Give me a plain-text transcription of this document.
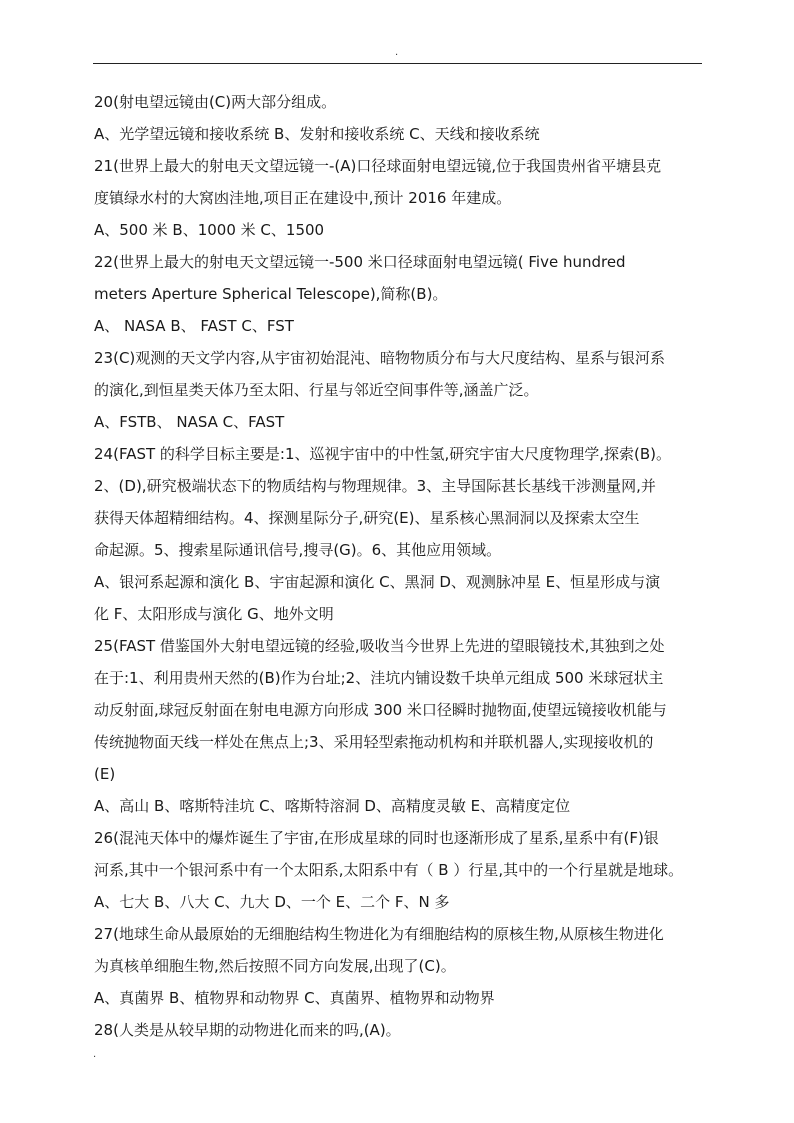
.
20(射电望远镜由(C)两大部分组成。
A、光学望远镜和接收系统 B、发射和接收系统 C、天线和接收系统
21(世界上最大的射电天文望远镜一-(A)口径球面射电望远镜,位于我国贵州省平塘县克
度镇绿水村的大窝凼洼地,项目正在建设中,预计 2016 年建成。
A、500 米 B、1000 米 C、1500
22(世界上最大的射电天文望远镜一-500 米口径球面射电望远镜( Five hundred
meters Aperture Spherical Telescope),简称(B)。
A、 NASA B、 FAST C、FST
23(C)观测的天文学内容,从宇宙初始混沌、暗物物质分布与大尺度结构、星系与银河系
的演化,到恒星类天体乃至太阳、行星与邻近空间事件等,涵盖广泛。
A、FSTB、 NASA C、FAST
24(FAST 的科学目标主要是:1、巡视宇宙中的中性氢,研究宇宙大尺度物理学,探索(B)。
2、(D),研究极端状态下的物质结构与物理规律。3、主导国际甚长基线干涉测量网,并
获得天体超精细结构。4、探测星际分子,研究(E)、星系核心黑洞洞以及探索太空生
命起源。5、搜索星际通讯信号,搜寻(G)。6、其他应用领域。
A、银河系起源和演化 B、宇宙起源和演化 C、黑洞 D、观测脉冲星 E、恒星形成与演
化 F、太阳形成与演化 G、地外文明
25(FAST 借鉴国外大射电望远镜的经验,吸收当今世界上先进的望眼镜技术,其独到之处
在于:1、利用贵州天然的(B)作为台址;2、洼坑内铺设数千块单元组成 500 米球冠状主
动反射面,球冠反射面在射电电源方向形成 300 米口径瞬时抛物面,使望远镜接收机能与
传统抛物面天线一样处在焦点上;3、采用轻型索拖动机构和并联机器人,实现接收机的
(E)
A、高山 B、喀斯特洼坑 C、喀斯特溶洞 D、高精度灵敏 E、高精度定位
26(混沌天体中的爆炸诞生了宇宙,在形成星球的同时也逐渐形成了星系,星系中有(F)银
河系,其中一个银河系中有一个太阳系,太阳系中有（ B ）行星,其中的一个行星就是地球。
A、七大 B、八大 C、九大 D、一个 E、二个 F、N 多
27(地球生命从最原始的无细胞结构生物进化为有细胞结构的原核生物,从原核生物进化
为真核单细胞生物,然后按照不同方向发展,出现了(C)。
A、真菌界 B、植物界和动物界 C、真菌界、植物界和动物界
28(人类是从较早期的动物进化而来的吗,(A)。
.
